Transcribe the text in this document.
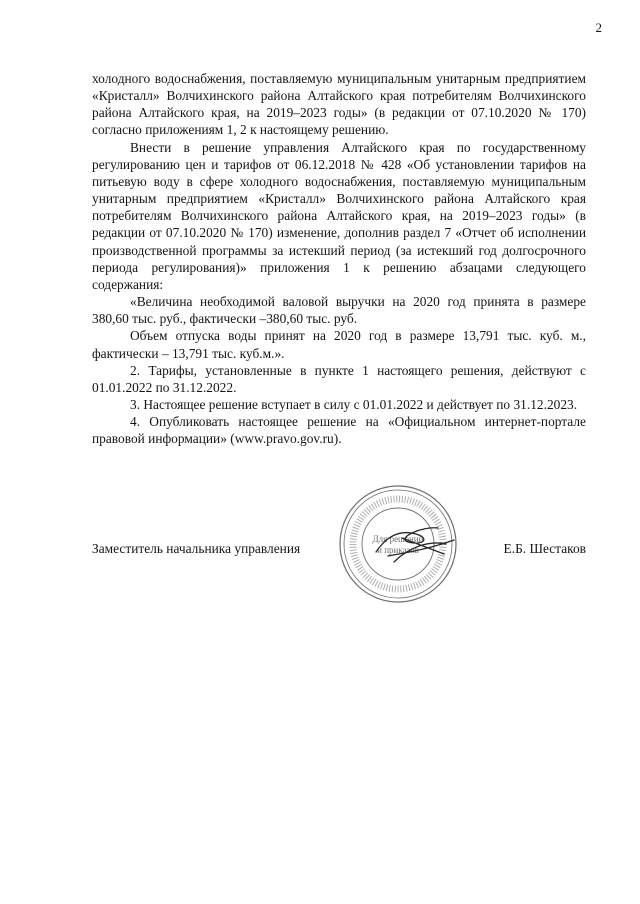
2

холодного водоснабжения, поставляемую муниципальным унитарным предприятием «Кристалл» Волчихинского района Алтайского края потребителям Волчихинского района Алтайского края, на 2019–2023 годы» (в редакции от 07.10.2020 № 170) согласно приложениям 1, 2 к настоящему решению.

Внести в решение управления Алтайского края по государственному регулированию цен и тарифов от 06.12.2018 № 428 «Об установлении тарифов на питьевую воду в сфере холодного водоснабжения, поставляемую муниципальным унитарным предприятием «Кристалл» Волчихинского района Алтайского края потребителям Волчихинского района Алтайского края, на 2019–2023 годы» (в редакции от 07.10.2020 № 170) изменение, дополнив раздел 7 «Отчет об исполнении производственной программы за истекший период (за истекший год долгосрочного периода регулирования)» приложения 1 к решению абзацами следующего содержания:

«Величина необходимой валовой выручки на 2020 год принята в размере 380,60 тыс. руб., фактически –380,60 тыс. руб.

Объем отпуска воды принят на 2020 год в размере 13,791 тыс. куб. м., фактически – 13,791 тыс. куб.м.».

2. Тарифы, установленные в пункте 1 настоящего решения, действуют с 01.01.2022 по 31.12.2022.

3. Настоящее решение вступает в силу с 01.01.2022 и действует по 31.12.2023.

4. Опубликовать настоящее решение на «Официальном интернет-портале правовой информации» (www.pravo.gov.ru).

Заместитель начальника управления	Е.Б. Шестаков
Для решений
и приказов
